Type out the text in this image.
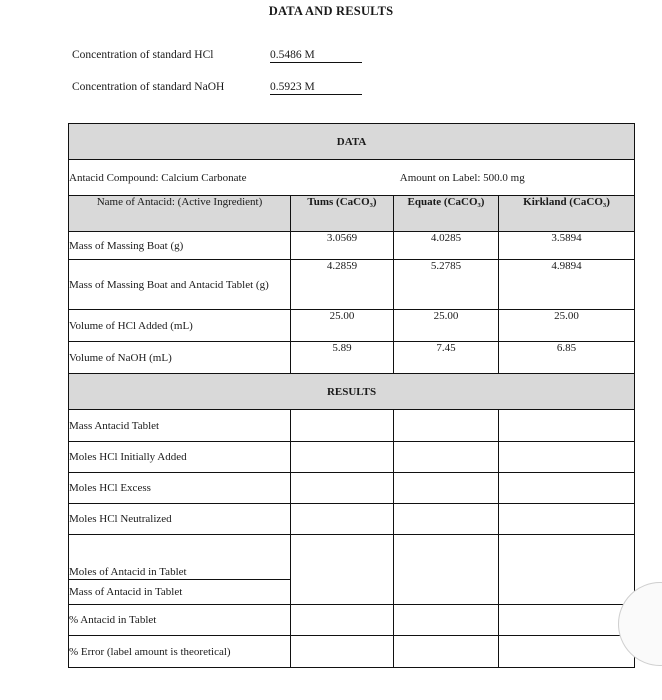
DATA AND RESULTS
Concentration of standard HCl	0.5486 M
Concentration of standard NaOH	0.5923 M
DATA			
Antacid Compound: Calcium Carbonate	Amount on Label: 500.0 mg		
Name of Antacid: (Active Ingredient)	Tums (CaCO₃)	Equate (CaCO₃)	Kirkland (CaCO₃)
Mass of Massing Boat (g)	3.0569	4.0285	3.5894
Mass of Massing Boat and Antacid Tablet (g)	4.2859	5.2785	4.9894
Volume of HCl Added (mL)	25.00	25.00	25.00
Volume of NaOH (mL)	5.89	7.45	6.85
RESULTS			
Mass Antacid Tablet			
Moles HCl Initially Added			
Moles HCl Excess			
Moles HCl Neutralized			
Moles of Antacid in Tablet			
Mass of Antacid in Tablet			
% Antacid in Tablet			
% Error (label amount is theoretical)			
